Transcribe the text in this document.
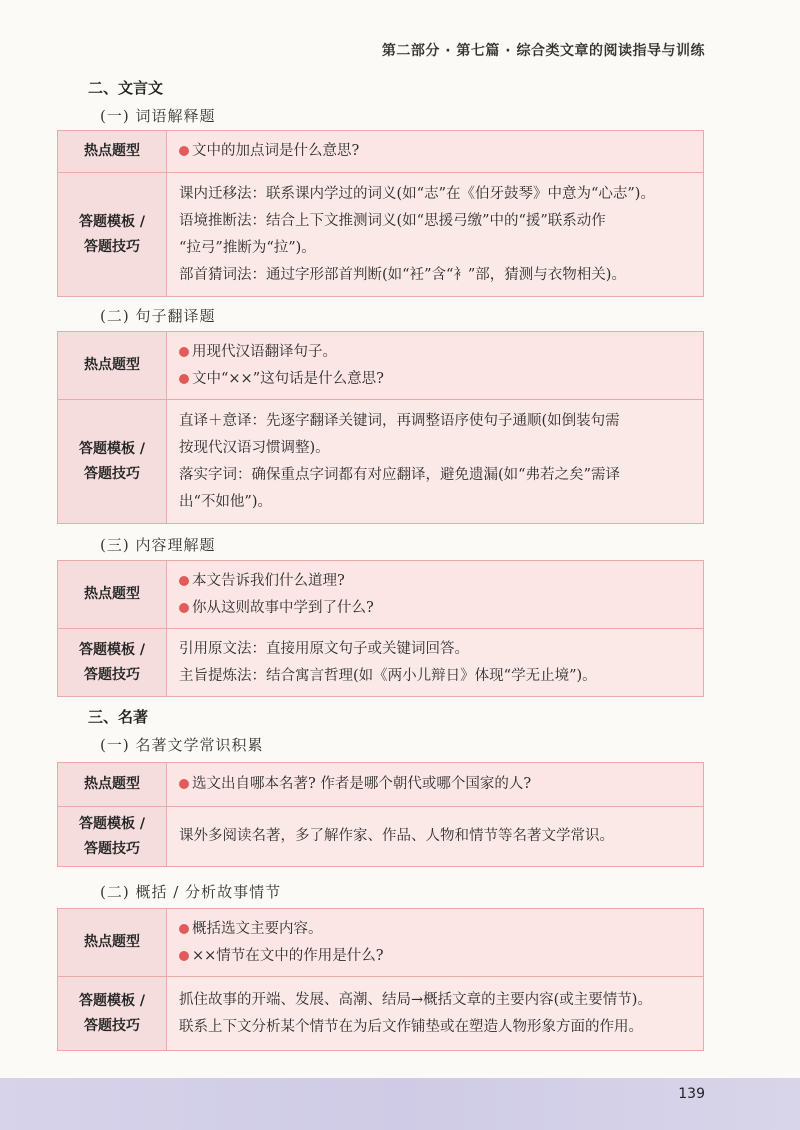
第二部分 · 第七篇 · 综合类文章的阅读指导与训练
二、文言文
(一) 词语解释题
热点题型	文中的加点词是什么意思?

答题模板 /
答题技巧	课内迁移法：联系课内学过的词义(如“志”在《伯牙鼓琴》中意为“心志”)。
语境推断法：结合上下文推测词义(如“思援弓缴”中的“援”联系动作
“拉弓”推断为“拉”)。
部首猜词法：通过字形部首判断(如“衽”含“衤”部，猜测与衣物相关)。
(二) 句子翻译题
热点题型	用现代汉语翻译句子。
文中“××”这句话是什么意思?

答题模板 /
答题技巧	直译＋意译：先逐字翻译关键词，再调整语序使句子通顺(如倒装句需
按现代汉语习惯调整)。
落实字词：确保重点字词都有对应翻译，避免遗漏(如“弗若之矣”需译
出“不如他”)。
(三) 内容理解题
热点题型	本文告诉我们什么道理?
你从这则故事中学到了什么?

答题模板 /
答题技巧	引用原文法：直接用原文句子或关键词回答。
主旨提炼法：结合寓言哲理(如《两小儿辩日》体现“学无止境”)。
三、名著
(一) 名著文学常识积累
热点题型	选文出自哪本名著? 作者是哪个朝代或哪个国家的人?

答题模板 /
答题技巧	课外多阅读名著，多了解作家、作品、人物和情节等名著文学常识。
(二) 概括 / 分析故事情节
热点题型	概括选文主要内容。
××情节在文中的作用是什么?

答题模板 /
答题技巧	抓住故事的开端、发展、高潮、结局→概括文章的主要内容(或主要情节)。
联系上下文分析某个情节在为后文作铺垫或在塑造人物形象方面的作用。
139
